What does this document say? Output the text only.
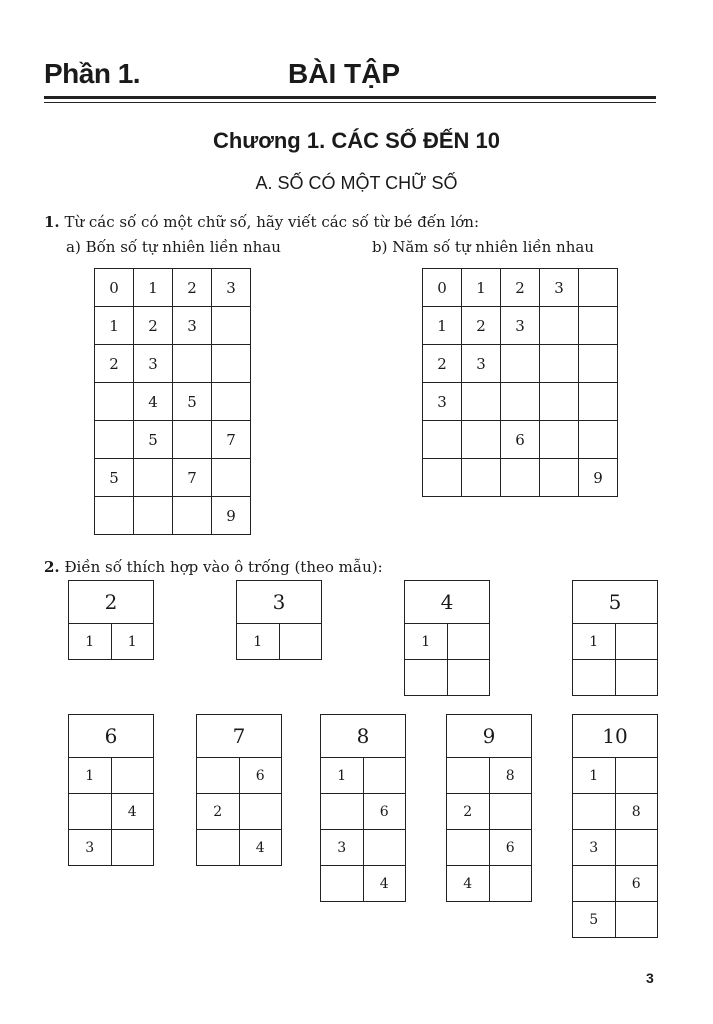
Phần 1.	BÀI TẬP
Chương 1. CÁC SỐ ĐẾN 10
A. SỐ CÓ MỘT CHỮ SỐ
1. Từ các số có một chữ số, hãy viết các số từ bé đến lớn:
a) Bốn số tự nhiên liền nhau	b) Năm số tự nhiên liền nhau
0	1	2	3
1	2	3	
2	3		
	4	5	
	5		7
5		7	
			9
0	1	2	3	
1	2	3		
2	3			
3				
		6		
				9
2. Điền số thích hợp vào ô trống (theo mẫu):
2
1	1
3
1	
4
1	

5
1	

6
1	
	4
3	
7
	6
2	
	4
8
1	
	6
3	
	4
9
	8
2	
	6
4	
10
1	
	8
3	
	6
5	
3
